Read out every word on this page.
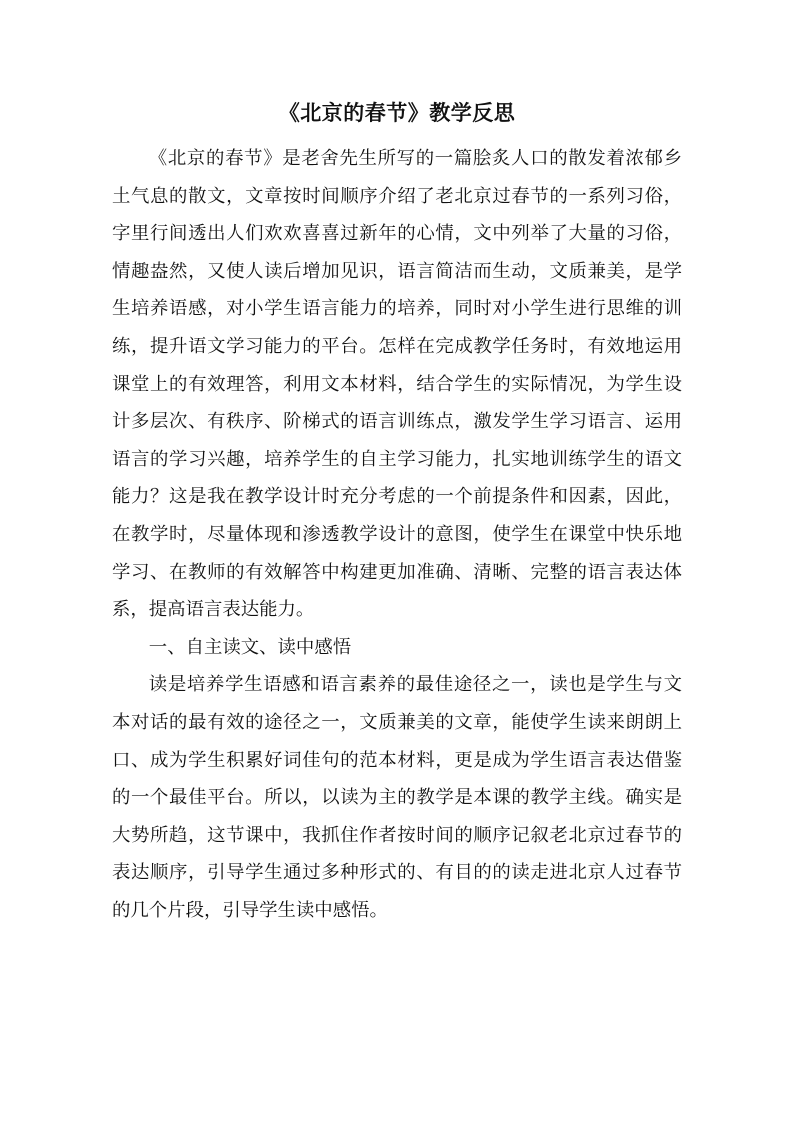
《北京的春节》教学反思

《北京的春节》是老舍先生所写的一篇脍炙人口的散发着浓郁乡土气息的散文，文章按时间顺序介绍了老北京过春节的一系列习俗，字里行间透出人们欢欢喜喜过新年的心情，文中列举了大量的习俗，情趣盎然，又使人读后增加见识，语言简洁而生动，文质兼美，是学生培养语感，对小学生语言能力的培养，同时对小学生进行思维的训练，提升语文学习能力的平台。怎样在完成教学任务时，有效地运用课堂上的有效理答，利用文本材料，结合学生的实际情况，为学生设计多层次、有秩序、阶梯式的语言训练点，激发学生学习语言、运用语言的学习兴趣，培养学生的自主学习能力，扎实地训练学生的语文能力？这是我在教学设计时充分考虑的一个前提条件和因素，因此，在教学时，尽量体现和渗透教学设计的意图，使学生在课堂中快乐地学习、在教师的有效解答中构建更加准确、清晰、完整的语言表达体系，提高语言表达能力。

一、自主读文、读中感悟

读是培养学生语感和语言素养的最佳途径之一，读也是学生与文本对话的最有效的途径之一，文质兼美的文章，能使学生读来朗朗上口、成为学生积累好词佳句的范本材料，更是成为学生语言表达借鉴的一个最佳平台。所以，以读为主的教学是本课的教学主线。确实是大势所趋，这节课中，我抓住作者按时间的顺序记叙老北京过春节的表达顺序，引导学生通过多种形式的、有目的的读走进北京人过春节的几个片段，引导学生读中感悟。
